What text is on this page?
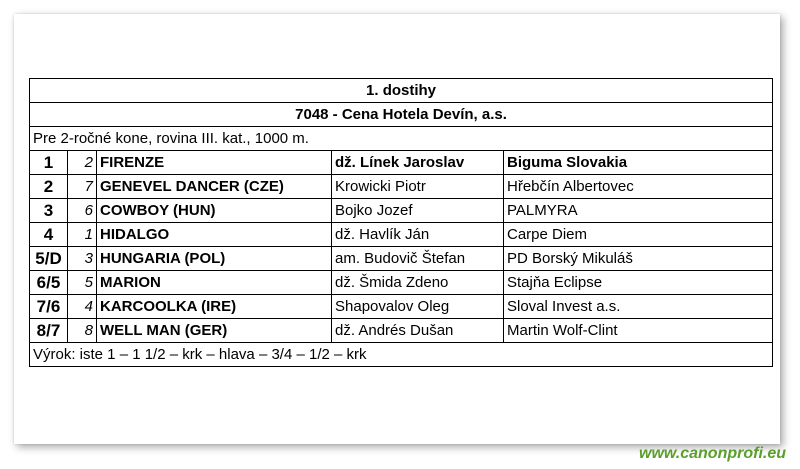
1. dostihy				
7048 - Cena Hotela Devín, a.s.				
Pre 2-ročné kone, rovina III. kat., 1000 m.				
1	2	FIRENZE	dž. Línek Jaroslav	Biguma Slovakia
2	7	GENEVEL DANCER (CZE)	Krowicki Piotr	Hřebčín Albertovec
3	6	COWBOY (HUN)	Bojko Jozef	PALMYRA
4	1	HIDALGO	dž. Havlík Ján	Carpe Diem
5/D	3	HUNGARIA (POL)	am. Budovič Štefan	PD Borský Mikuláš
6/5	5	MARION	dž. Šmida Zdeno	Stajňa Eclipse
7/6	4	KARCOOLKA (IRE)	Shapovalov Oleg	Sloval Invest a.s.
8/7	8	WELL MAN (GER)	dž. Andrés Dušan	Martin Wolf-Clint
Výrok: iste 1 – 1 1/2 – krk – hlava – 3/4 – 1/2 – krk				
www.canonprofi.eu
